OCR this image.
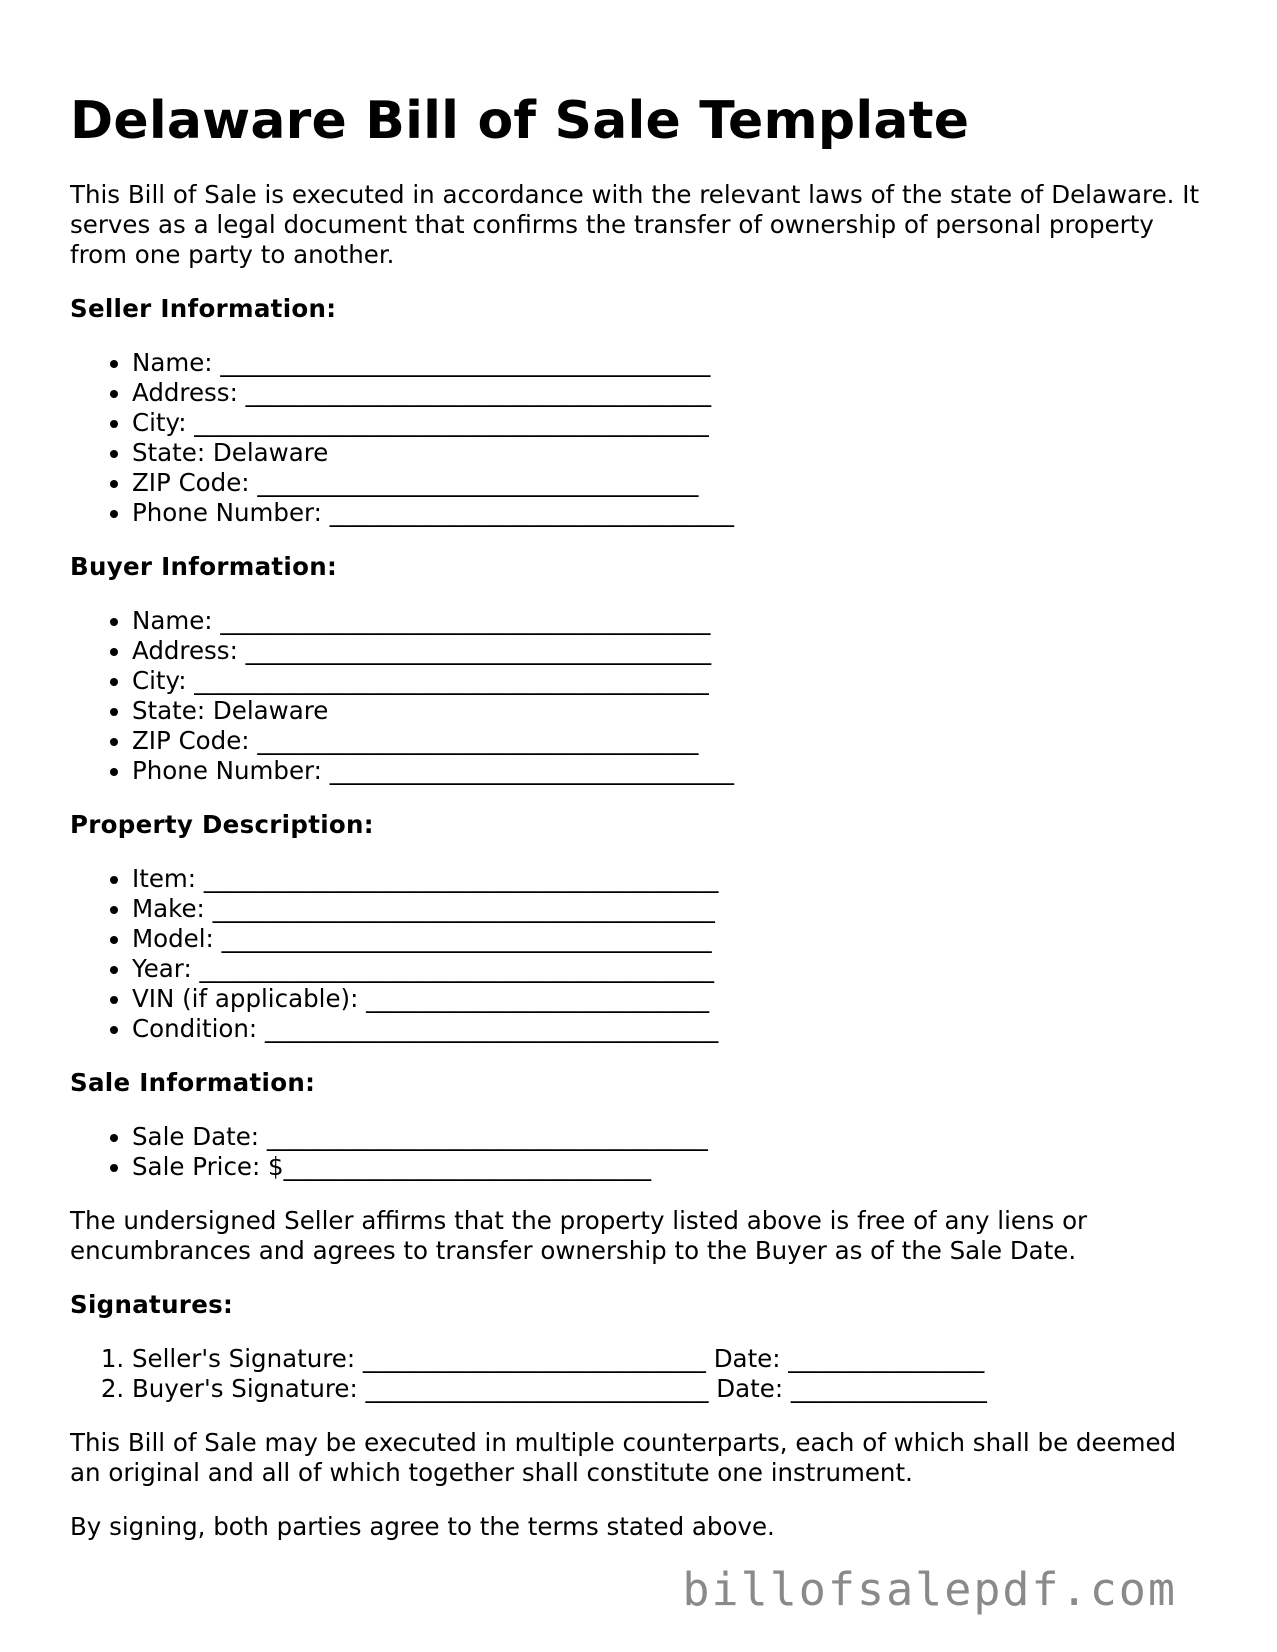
Delaware Bill of Sale Template

This Bill of Sale is executed in accordance with the relevant laws of the state of Delaware. It serves as a legal document that confirms the transfer of ownership of personal property from one party to another.

Seller Information:
• Name: ________________________________________
• Address: ______________________________________
• City: __________________________________________
• State: Delaware
• ZIP Code: ____________________________________
• Phone Number: _________________________________
Buyer Information:
• Name: ________________________________________
• Address: ______________________________________
• City: __________________________________________
• State: Delaware
• ZIP Code: ____________________________________
• Phone Number: _________________________________
Property Description:
• Item: __________________________________________
• Make: _________________________________________
• Model: ________________________________________
• Year: __________________________________________
• VIN (if applicable): ____________________________
• Condition: _____________________________________
Sale Information:
• Sale Date: ____________________________________
• Sale Price: $______________________________

The undersigned Seller affirms that the property listed above is free of any liens or encumbrances and agrees to transfer ownership to the Buyer as of the Sale Date.

Signatures:
1. Seller's Signature: ____________________________ Date: ________________
2. Buyer's Signature: ____________________________ Date: ________________

This Bill of Sale may be executed in multiple counterparts, each of which shall be deemed an original and all of which together shall constitute one instrument.

By signing, both parties agree to the terms stated above.

billofsalepdf.com
